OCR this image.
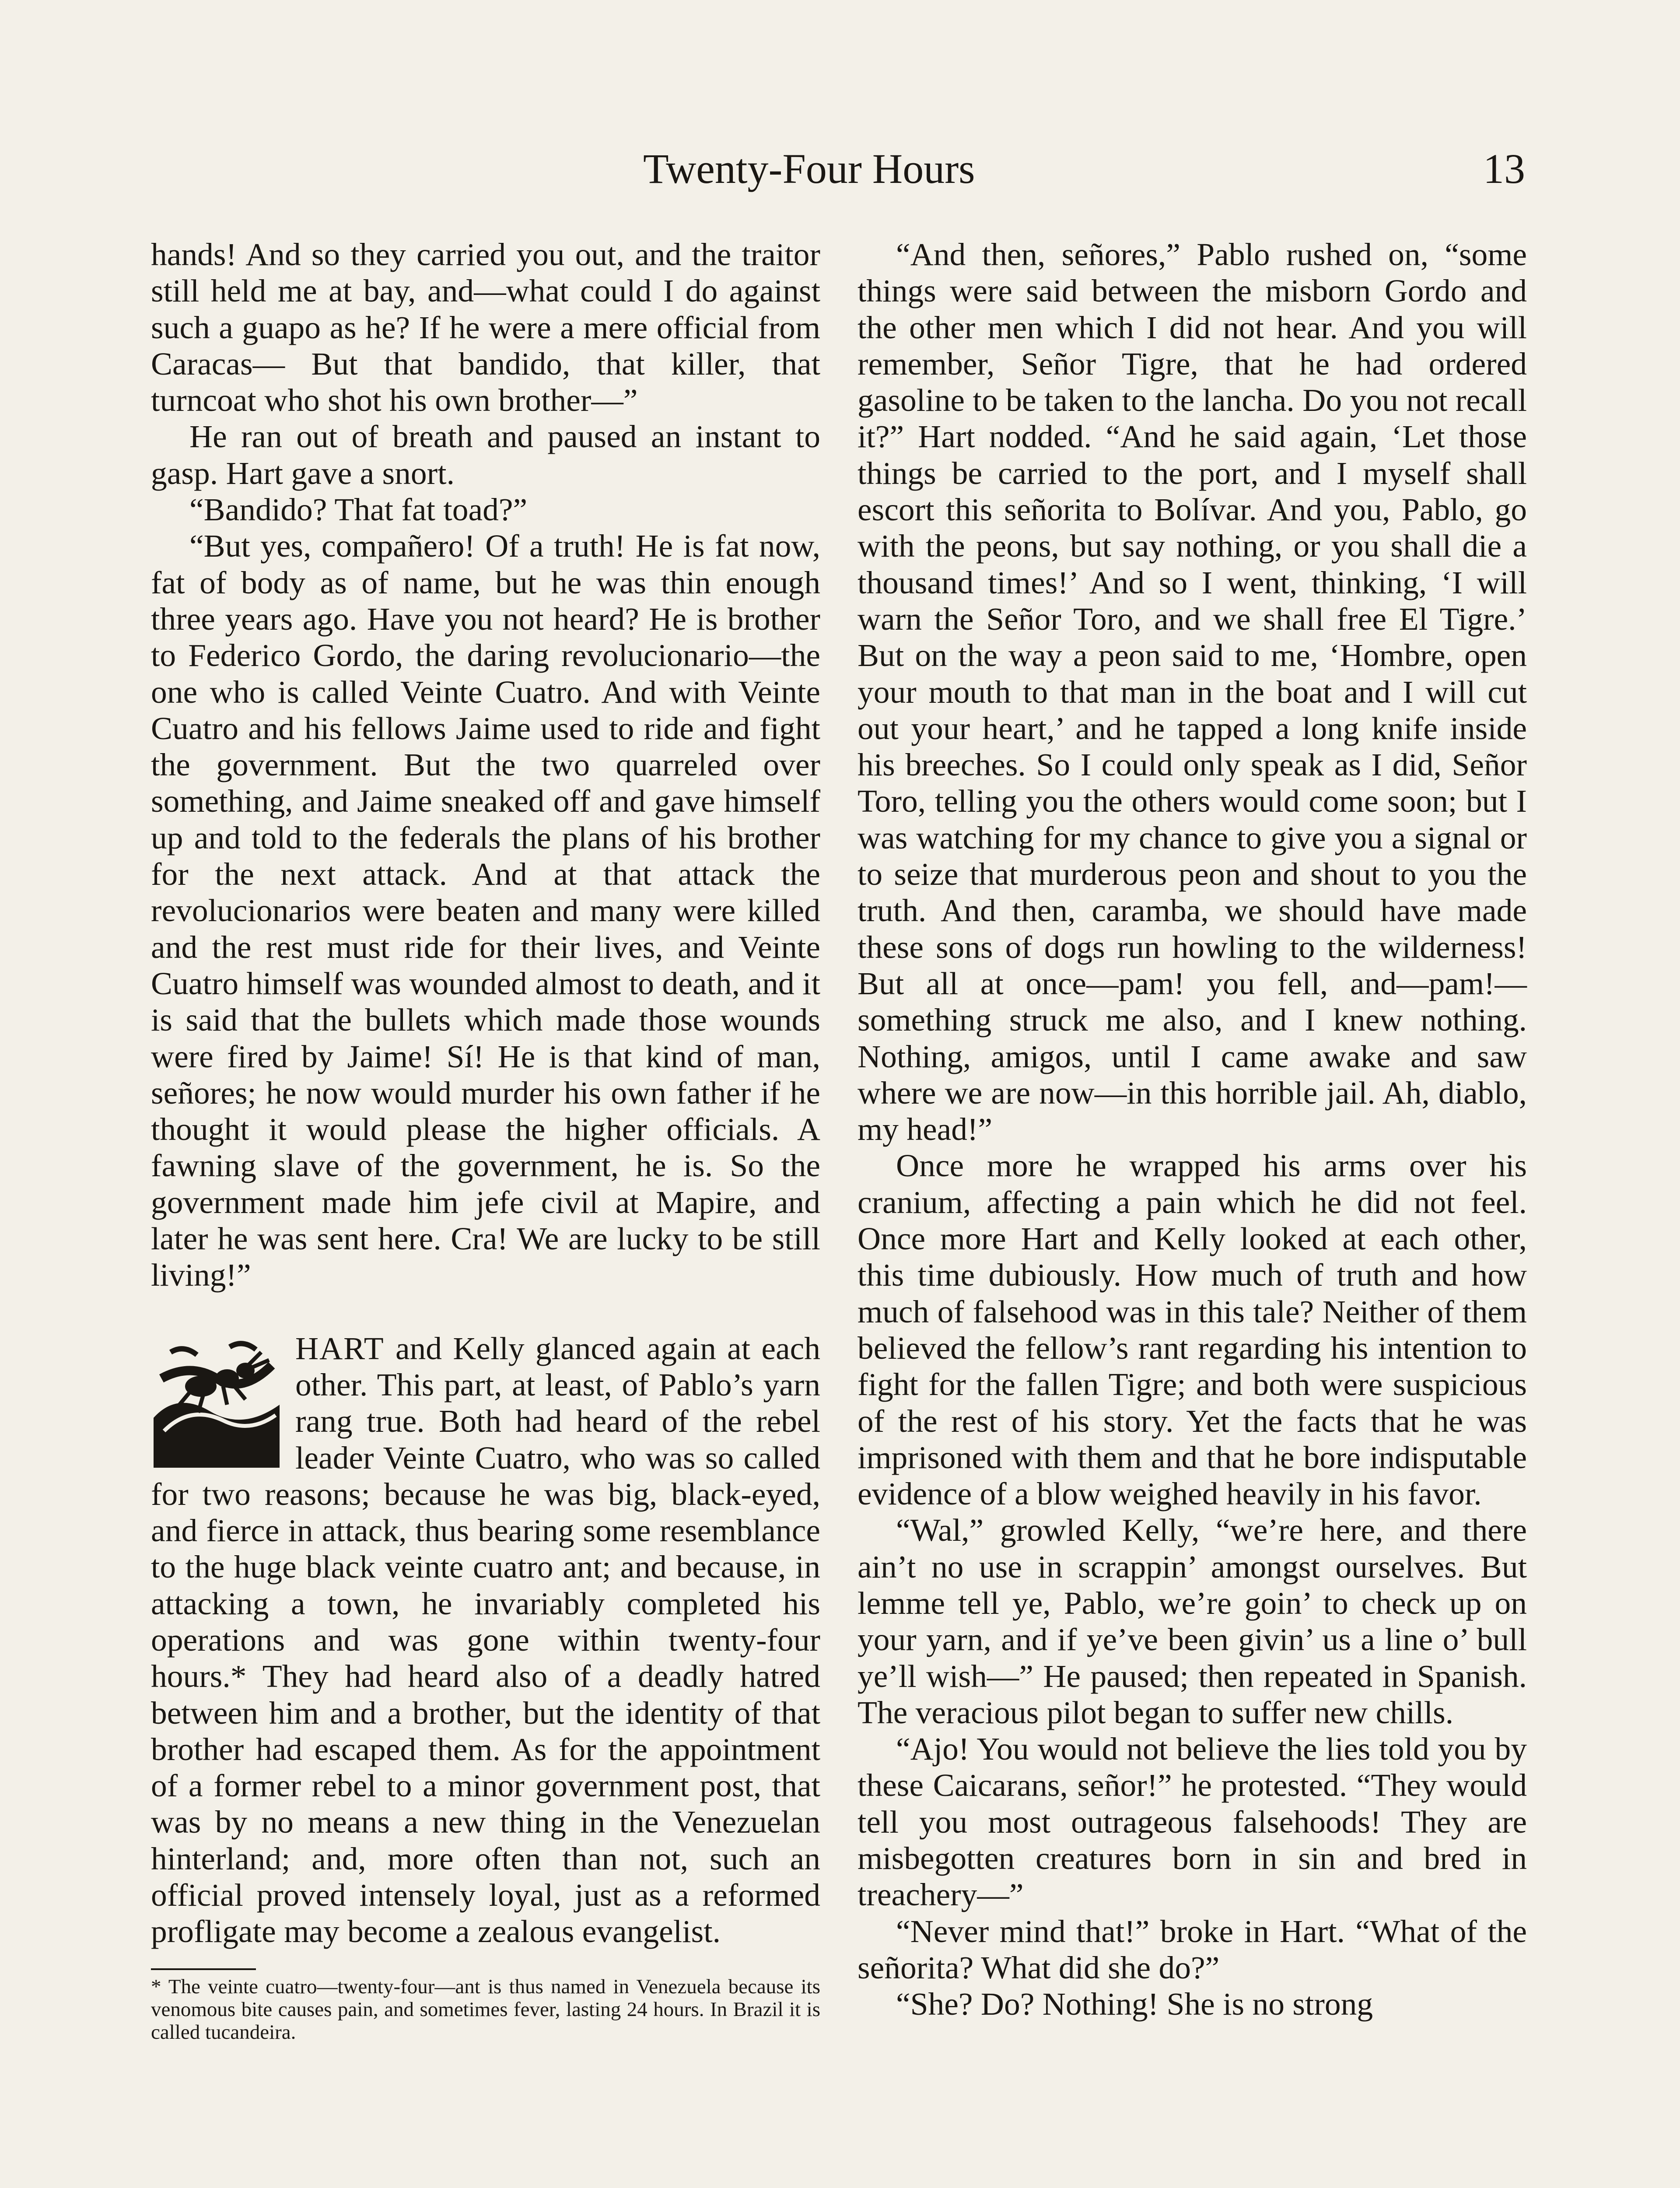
Twenty-Four Hours	13

hands! And so they carried you out, and the traitor still held me at bay, and—what could I do against such a guapo as he? If he were a mere official from Caracas— But that bandido, that killer, that turncoat who shot his own brother—”

He ran out of breath and paused an instant to gasp. Hart gave a snort.

“Bandido? That fat toad?”

“But yes, compañero! Of a truth! He is fat now, fat of body as of name, but he was thin enough three years ago. Have you not heard? He is brother to Federico Gordo, the daring revolucionario—the one who is called Veinte Cuatro. And with Veinte Cuatro and his fellows Jaime used to ride and fight the government. But the two quarreled over something, and Jaime sneaked off and gave himself up and told to the federals the plans of his brother for the next attack. And at that attack the revolucionarios were beaten and many were killed and the rest must ride for their lives, and Veinte Cuatro himself was wounded almost to death, and it is said that the bullets which made those wounds were fired by Jaime! Sí! He is that kind of man, señores; he now would murder his own father if he thought it would please the higher officials. A fawning slave of the government, he is. So the government made him jefe civil at Mapire, and later he was sent here. Cra! We are lucky to be still living!”

HART and Kelly glanced again at each other. This part, at least, of Pablo’s yarn rang true. Both had heard of the rebel leader Veinte Cuatro, who was so called for two reasons; because he was big, black-eyed, and fierce in attack, thus bearing some resemblance to the huge black veinte cuatro ant; and because, in attacking a town, he invariably completed his operations and was gone within twenty-four hours.* They had heard also of a deadly hatred between him and a brother, but the identity of that brother had escaped them. As for the appointment of a former rebel to a minor government post, that was by no means a new thing in the Venezuelan hinterland; and, more often than not, such an official proved intensely loyal, just as a reformed profligate may become a zealous evangelist.

* The veinte cuatro—twenty-four—ant is thus named in Venezuela because its venomous bite causes pain, and sometimes fever, lasting 24 hours. In Brazil it is called tucandeira.

“And then, señores,” Pablo rushed on, “some things were said between the misborn Gordo and the other men which I did not hear. And you will remember, Señor Tigre, that he had ordered gasoline to be taken to the lancha. Do you not recall it?” Hart nodded. “And he said again, ‘Let those things be carried to the port, and I myself shall escort this señorita to Bolívar. And you, Pablo, go with the peons, but say nothing, or you shall die a thousand times!’ And so I went, thinking, ‘I will warn the Señor Toro, and we shall free El Tigre.’ But on the way a peon said to me, ‘Hombre, open your mouth to that man in the boat and I will cut out your heart,’ and he tapped a long knife inside his breeches. So I could only speak as I did, Señor Toro, telling you the others would come soon; but I was watching for my chance to give you a signal or to seize that murderous peon and shout to you the truth. And then, caramba, we should have made these sons of dogs run howling to the wilderness! But all at once—pam! you fell, and—pam!—something struck me also, and I knew nothing. Nothing, amigos, until I came awake and saw where we are now—in this horrible jail. Ah, diablo, my head!”

Once more he wrapped his arms over his cranium, affecting a pain which he did not feel. Once more Hart and Kelly looked at each other, this time dubiously. How much of truth and how much of falsehood was in this tale? Neither of them believed the fellow’s rant regarding his intention to fight for the fallen Tigre; and both were suspicious of the rest of his story. Yet the facts that he was imprisoned with them and that he bore indisputable evidence of a blow weighed heavily in his favor.

“Wal,” growled Kelly, “we’re here, and there ain’t no use in scrappin’ amongst ourselves. But lemme tell ye, Pablo, we’re goin’ to check up on your yarn, and if ye’ve been givin’ us a line o’ bull ye’ll wish—” He paused; then repeated in Spanish. The veracious pilot began to suffer new chills.

“Ajo! You would not believe the lies told you by these Caicarans, señor!” he protested. “They would tell you most outrageous falsehoods! They are misbegotten creatures born in sin and bred in treachery—”

“Never mind that!” broke in Hart. “What of the señorita? What did she do?”

“She? Do? Nothing! She is no strong
